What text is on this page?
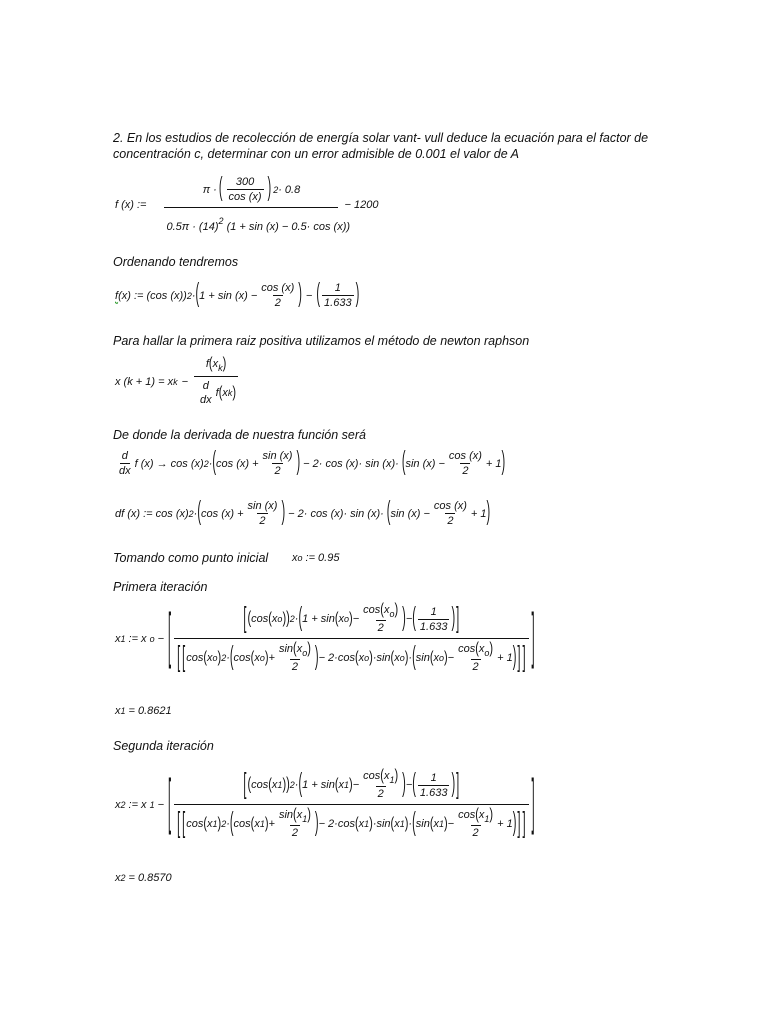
2. En los estudios de recolección de energía solar vant- vull deduce la ecuación para el factor de concentración c, determinar con un error admisible de 0.001 el valor de A
f (x) := $\frac{\pi \cdot ( \frac{300}{\cos (x)} ) 2 \cdot 0.8}{0.5\pi \cdot (14)^2 (1 + \sin (x) - 0.5\cdot \cos (x))} - 1200$
Ordenando tendremos
f (x) := (cos (x)) 2 · ( $1 + \sin (x) - \frac{\cos (x)}{2}$ ) − ( $\frac{1}{1.633}$ )
Para hallar la primera raiz positiva utilizamos el método de newton raphson
x (k + 1) = x $k - f(x_k)$
d
dx
f ( x k )
De donde la derivada de nuestra función será
$\frac{d}{dx}$ f (x) → cos (x) 2 · ( $\cos (x) + \frac{\sin (x)}{2}$ ) − 2· cos (x)· sin (x)· ( $\sin (x) - \frac{\cos (x)}{2} + 1$ )
df (x) := cos (x) 2 · ( $\cos (x) + \frac{\sin (x)}{2}$ ) − 2· cos (x)· sin (x)· ( $\sin (x) - \frac{\cos (x)}{2} + 1$ )
Tomando como punto inicial x o := 0.95
Primera iteración
x 1 := x o − [	[ ( cos ( x o ) ) 2 · ( 1 + sin ( x o ) − $\frac{\cos(x_o)}{2}$ ) − ( $\frac{1}{1.633}$ ) ]
[ [ cos ( x o ) 2 · ( cos ( x o ) + $\frac{\sin(x_o)}{2}$ ) − 2·cos ( x o ) ·sin ( x o ) · ( sin ( x o ) − $\frac{\cos(x_o)}{2} + 1$ ) ] ] ]
x 1 = 0.8621
Segunda iteración
x 2 := x 1 − [	[ ( cos ( x 1 ) ) 2 · ( 1 + sin ( x 1 ) − $\frac{\cos(x_1)}{2}$ ) − ( $\frac{1}{1.633}$ ) ]
[ [ cos ( x 1 ) 2 · ( cos ( x 1 ) + $\frac{\sin(x_1)}{2}$ ) − 2·cos ( x 1 ) ·sin ( x 1 ) · ( sin ( x 1 ) − $\frac{\cos(x_1)}{2} + 1$ ) ] ] ]
x 2 = 0.8570
